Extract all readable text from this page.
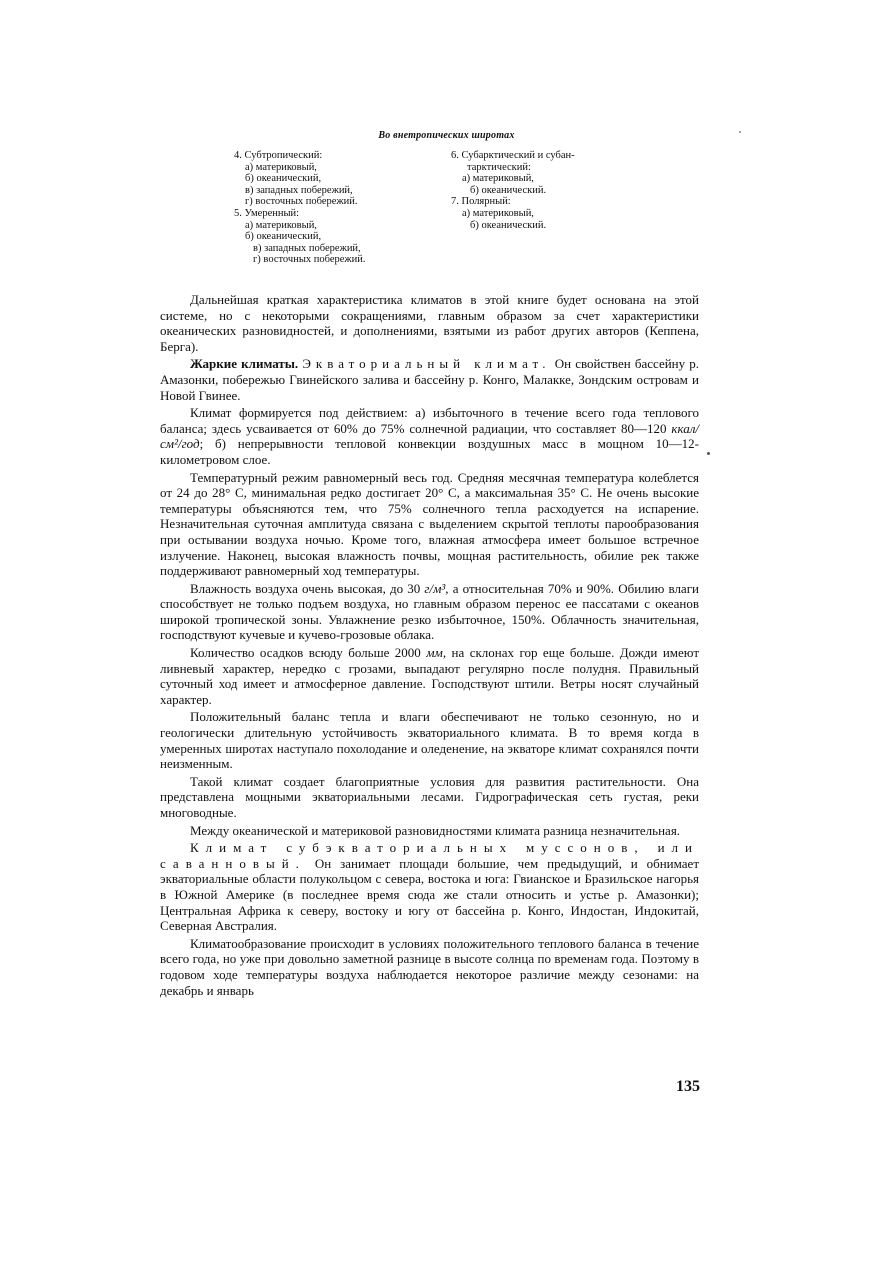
Во внетропических широтах
4. Субтропический:
а) материковый,
б) океанический,
в) западных побережий,
г) восточных побережий.
5. Умеренный:
а) материковый,
б) океанический,
в) западных побережий,
г) восточных побережий.
6. Субарктический и субан-
тарктический:
а) материковый,
б) океанический.
7. Полярный:
а) материковый,
б) океанический.

Дальнейшая краткая характеристика климатов в этой книге будет основана на этой системе, но с некоторыми сокращениями, главным образом за счет характеристики океанических разновидностей, и дополнениями, взятыми из работ других авторов (Кеппена, Берга).

Жаркие климаты. Экваториальный климат. Он свойствен бассейну р. Амазонки, побережью Гвинейского залива и бассейну р. Конго, Малакке, Зондским островам и Новой Гвинее.

Климат формируется под действием: а) избыточного в течение всего года теплового баланса; здесь усваивается от 60% до 75% солнечной радиации, что составляет 80—120 ккал/см²/год; б) непрерывности тепловой конвекции воздушных масс в мощном 10—12-километровом слое.

Температурный режим равномерный весь год. Средняя месячная температура колеблется от 24 до 28° С, минимальная редко достигает 20° С, а максимальная 35° С. Не очень высокие температуры объясняются тем, что 75% солнечного тепла расходуется на испарение. Незначительная суточная амплитуда связана с выделением скрытой теплоты парообразования при остывании воздуха ночью. Кроме того, влажная атмосфера имеет большое встречное излучение. Наконец, высокая влажность почвы, мощная растительность, обилие рек также поддерживают равномерный ход температуры.

Влажность воздуха очень высокая, до 30 г/м³, а относительная 70% и 90%. Обилию влаги способствует не только подъем воздуха, но главным образом перенос ее пассатами с океанов широкой тропической зоны. Увлажнение резко избыточное, 150%. Облачность значительная, господствуют кучевые и кучево-грозовые облака.

Количество осадков всюду больше 2000 мм, на склонах гор еще больше. Дожди имеют ливневый характер, нередко с грозами, выпадают регулярно после полудня. Правильный суточный ход имеет и атмосферное давление. Господствуют штили. Ветры носят случайный характер.

Положительный баланс тепла и влаги обеспечивают не только сезонную, но и геологически длительную устойчивость экваториального климата. В то время когда в умеренных широтах наступало похолодание и оледенение, на экваторе климат сохранялся почти неизменным.

Такой климат создает благоприятные условия для развития растительности. Она представлена мощными экваториальными лесами. Гидрографическая сеть густая, реки многоводные.

Между океанической и материковой разновидностями климата разница незначительная.

Климат субэкваториальных муссонов, или саванновый. Он занимает площади большие, чем предыдущий, и обнимает экваториальные области полукольцом с севера, востока и юга: Гвианское и Бразильское нагорья в Южной Америке (в последнее время сюда же стали относить и устье р. Амазонки); Центральная Африка к северу, востоку и югу от бассейна р. Конго, Индостан, Индокитай, Северная Австралия.

Климатообразование происходит в условиях положительного теплового баланса в течение всего года, но уже при довольно заметной разнице в высоте солнца по временам года. Поэтому в годовом ходе температуры воздуха наблюдается некоторое различие между сезонами: на декабрь и январь

135
